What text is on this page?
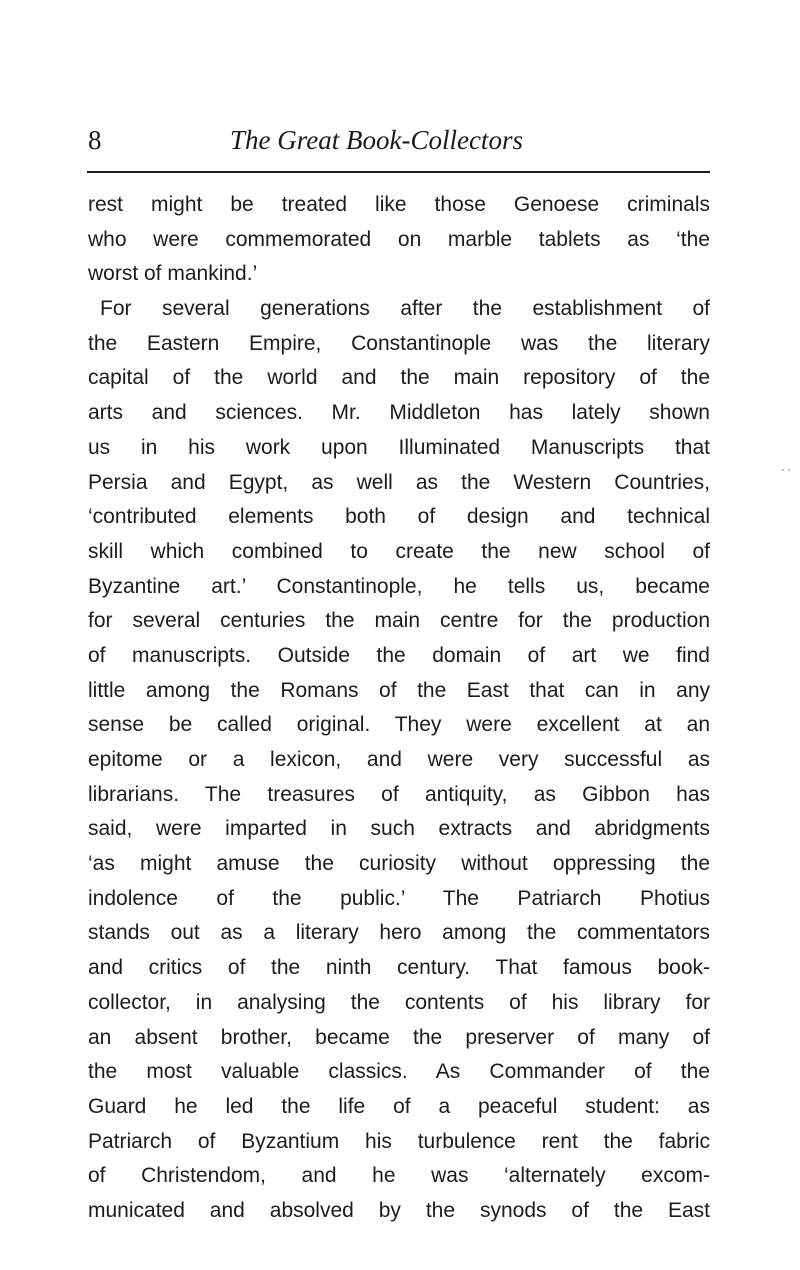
8	The Great Book-Collectors
rest might be treated like those Genoese criminals
who were commemorated on marble tablets as ‘the
worst of mankind.’
For several generations after the establishment of
the Eastern Empire, Constantinople was the literary
capital of the world and the main repository of the
arts and sciences. Mr. Middleton has lately shown
us in his work upon Illuminated Manuscripts that
Persia and Egypt, as well as the Western Countries,
‘contributed elements both of design and technical
skill which combined to create the new school of
Byzantine art.’ Constantinople, he tells us, became
for several centuries the main centre for the production
of manuscripts. Outside the domain of art we find
little among the Romans of the East that can in any
sense be called original. They were excellent at an
epitome or a lexicon, and were very successful as
librarians. The treasures of antiquity, as Gibbon has
said, were imparted in such extracts and abridgments
‘as might amuse the curiosity without oppressing the
indolence of the public.’ The Patriarch Photius
stands out as a literary hero among the commentators
and critics of the ninth century. That famous book-
collector, in analysing the contents of his library for
an absent brother, became the preserver of many of
the most valuable classics. As Commander of the
Guard he led the life of a peaceful student: as
Patriarch of Byzantium his turbulence rent the fabric
of Christendom, and he was ‘alternately excom-
municated and absolved by the synods of the East
··
